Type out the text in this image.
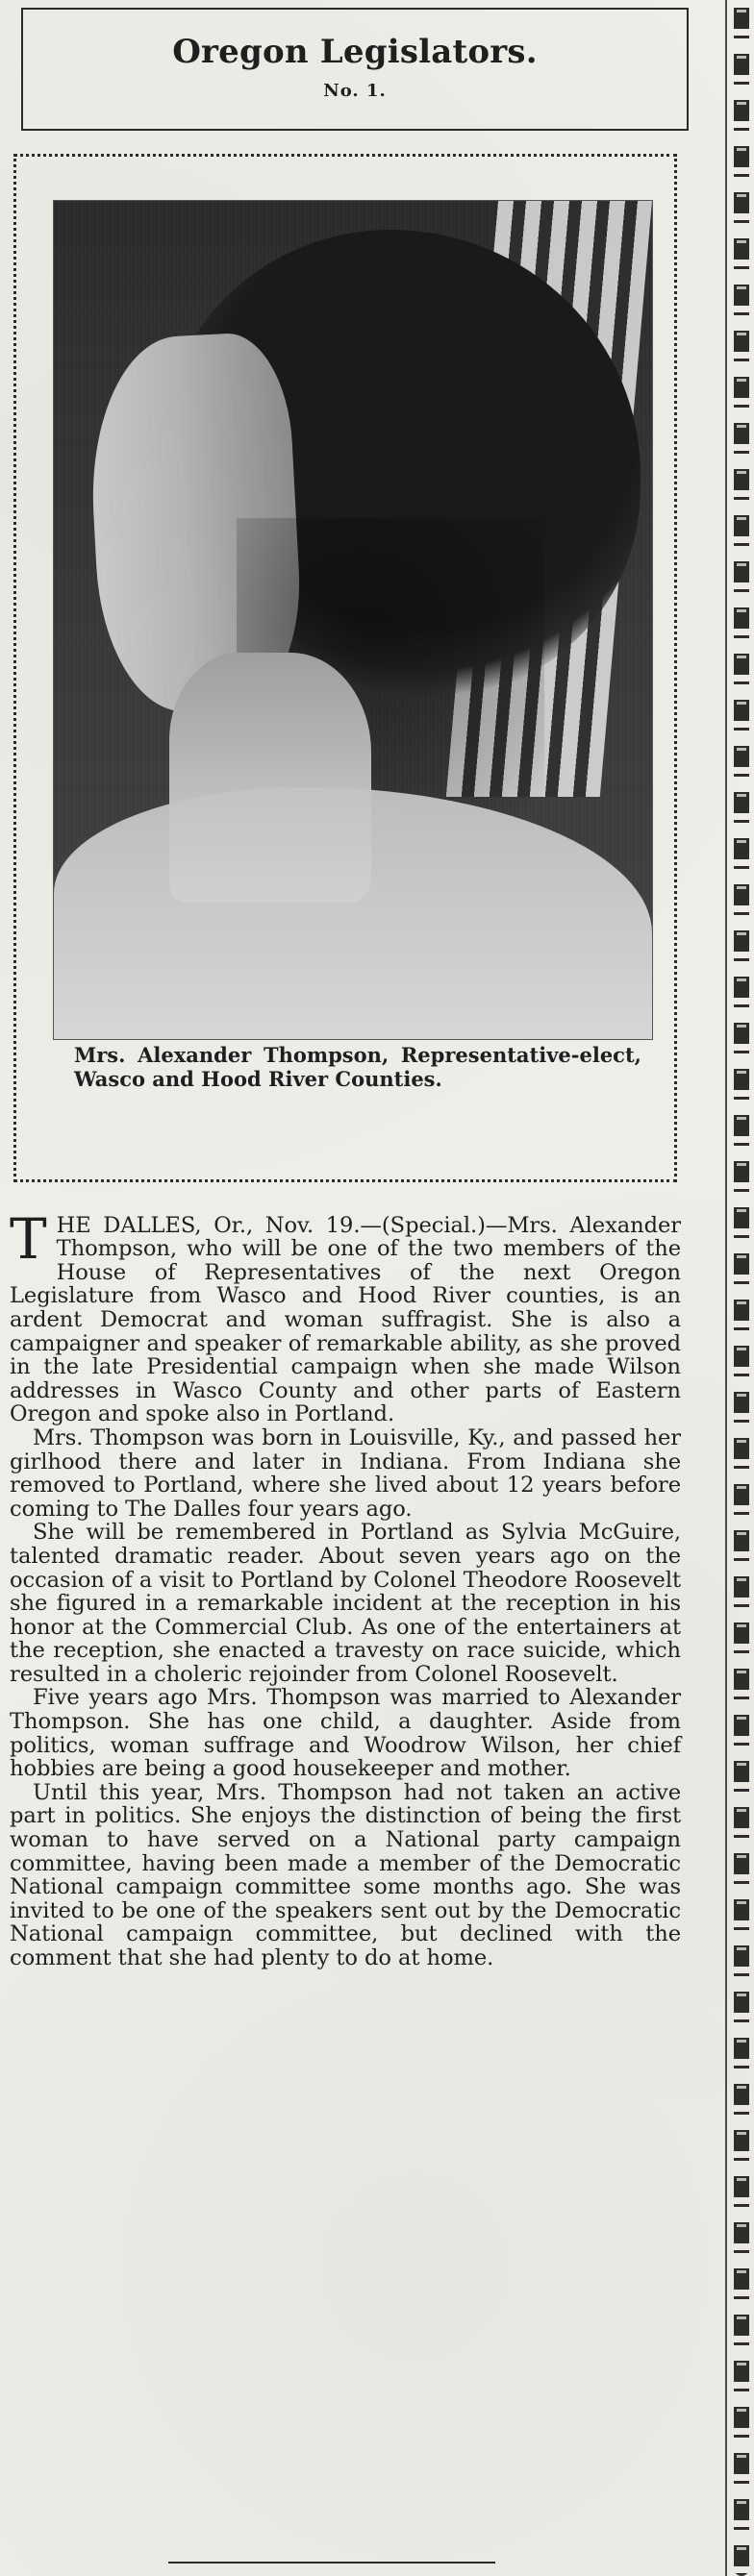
Oregon Legislators.
No. 1.
Mrs. Alexander Thompson, Representative-elect, Wasco and Hood River Counties.

THE DALLES, Or., Nov. 19.—(Special.)—Mrs. Alexander Thompson, who will be one of the two members of the House of Representatives of the next Oregon Legislature from Wasco and Hood River counties, is an ardent Democrat and woman suffragist. She is also a campaigner and speaker of remarkable ability, as she proved in the late Presidential campaign when she made Wilson addresses in Wasco County and other parts of Eastern Oregon and spoke also in Portland.

Mrs. Thompson was born in Louisville, Ky., and passed her girlhood there and later in Indiana. From Indiana she removed to Portland, where she lived about 12 years before coming to The Dalles four years ago.

She will be remembered in Portland as Sylvia McGuire, talented dramatic reader. About seven years ago on the occasion of a visit to Portland by Colonel Theodore Roosevelt she figured in a remarkable incident at the reception in his honor at the Commercial Club. As one of the entertainers at the reception, she enacted a travesty on race suicide, which resulted in a choleric rejoinder from Colonel Roosevelt.

Five years ago Mrs. Thompson was married to Alexander Thompson. She has one child, a daughter. Aside from politics, woman suffrage and Woodrow Wilson, her chief hobbies are being a good housekeeper and mother.

Until this year, Mrs. Thompson had not taken an active part in politics. She enjoys the distinction of being the first woman to have served on a National party campaign committee, having been made a member of the Democratic National campaign committee some months ago. She was invited to be one of the speakers sent out by the Democratic National campaign committee, but declined with the comment that she had plenty to do at home.
